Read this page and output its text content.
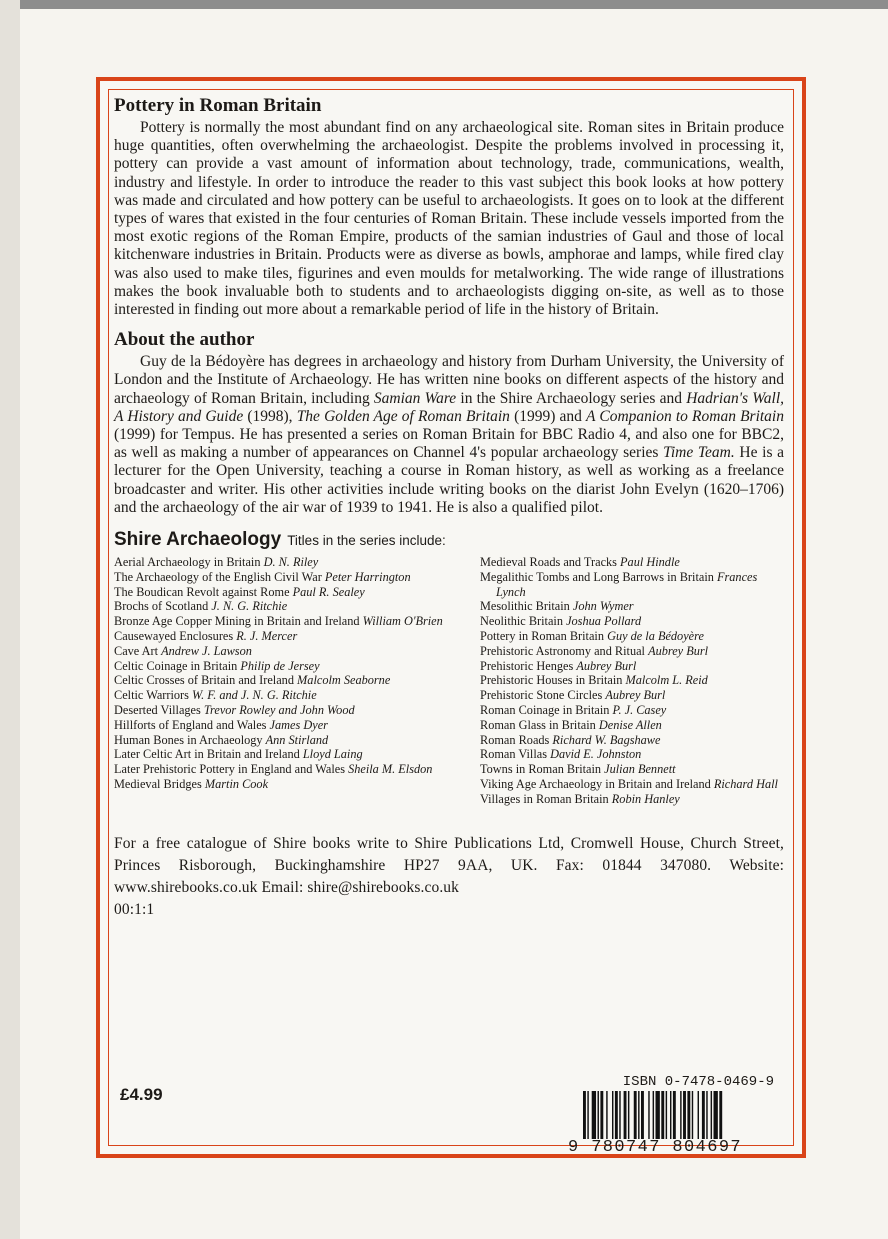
Pottery in Roman Britain

Pottery is normally the most abundant find on any archaeological site. Roman sites in Britain produce huge quantities, often overwhelming the archaeologist. Despite the problems involved in processing it, pottery can provide a vast amount of information about technology, trade, communications, wealth, industry and lifestyle. In order to introduce the reader to this vast subject this book looks at how pottery was made and circulated and how pottery can be useful to archaeologists. It goes on to look at the different types of wares that existed in the four centuries of Roman Britain. These include vessels imported from the most exotic regions of the Roman Empire, products of the samian industries of Gaul and those of local kitchenware industries in Britain. Products were as diverse as bowls, amphorae and lamps, while fired clay was also used to make tiles, figurines and even moulds for metalworking. The wide range of illustrations makes the book invaluable both to students and to archaeologists digging on-site, as well as to those interested in finding out more about a remarkable period of life in the history of Britain.

About the author

Guy de la Bédoyère has degrees in archaeology and history from Durham University, the University of London and the Institute of Archaeology. He has written nine books on different aspects of the history and archaeology of Roman Britain, including Samian Ware in the Shire Archaeology series and Hadrian's Wall, A History and Guide (1998), The Golden Age of Roman Britain (1999) and A Companion to Roman Britain (1999) for Tempus. He has presented a series on Roman Britain for BBC Radio 4, and also one for BBC2, as well as making a number of appearances on Channel 4's popular archaeology series Time Team. He is a lecturer for the Open University, teaching a course in Roman history, as well as working as a freelance broadcaster and writer. His other activities include writing books on the diarist John Evelyn (1620–1706) and the archaeology of the air war of 1939 to 1941. He is also a qualified pilot.

Shire Archaeology Titles in the series include:
Aerial Archaeology in Britain D. N. Riley
The Archaeology of the English Civil War Peter Harrington
The Boudican Revolt against Rome Paul R. Sealey
Brochs of Scotland J. N. G. Ritchie
Bronze Age Copper Mining in Britain and Ireland William O'Brien
Causewayed Enclosures R. J. Mercer
Cave Art Andrew J. Lawson
Celtic Coinage in Britain Philip de Jersey
Celtic Crosses of Britain and Ireland Malcolm Seaborne
Celtic Warriors W. F. and J. N. G. Ritchie
Deserted Villages Trevor Rowley and John Wood
Hillforts of England and Wales James Dyer
Human Bones in Archaeology Ann Stirland
Later Celtic Art in Britain and Ireland Lloyd Laing
Later Prehistoric Pottery in England and Wales Sheila M. Elsdon
Medieval Bridges Martin Cook
Medieval Roads and Tracks Paul Hindle
Megalithic Tombs and Long Barrows in Britain Frances Lynch
Mesolithic Britain John Wymer
Neolithic Britain Joshua Pollard
Pottery in Roman Britain Guy de la Bédoyère
Prehistoric Astronomy and Ritual Aubrey Burl
Prehistoric Henges Aubrey Burl
Prehistoric Houses in Britain Malcolm L. Reid
Prehistoric Stone Circles Aubrey Burl
Roman Coinage in Britain P. J. Casey
Roman Glass in Britain Denise Allen
Roman Roads Richard W. Bagshawe
Roman Villas David E. Johnston
Towns in Roman Britain Julian Bennett
Viking Age Archaeology in Britain and Ireland Richard Hall
Villages in Roman Britain Robin Hanley

For a free catalogue of Shire books write to Shire Publications Ltd, Cromwell House, Church Street, Princes Risborough, Buckinghamshire HP27 9AA, UK. Fax: 01844 347080. Website: www.shirebooks.co.uk Email: shire@shirebooks.co.uk
00:1:1

£4.99
ISBN 0-7478-0469-9
9 780747 804697
